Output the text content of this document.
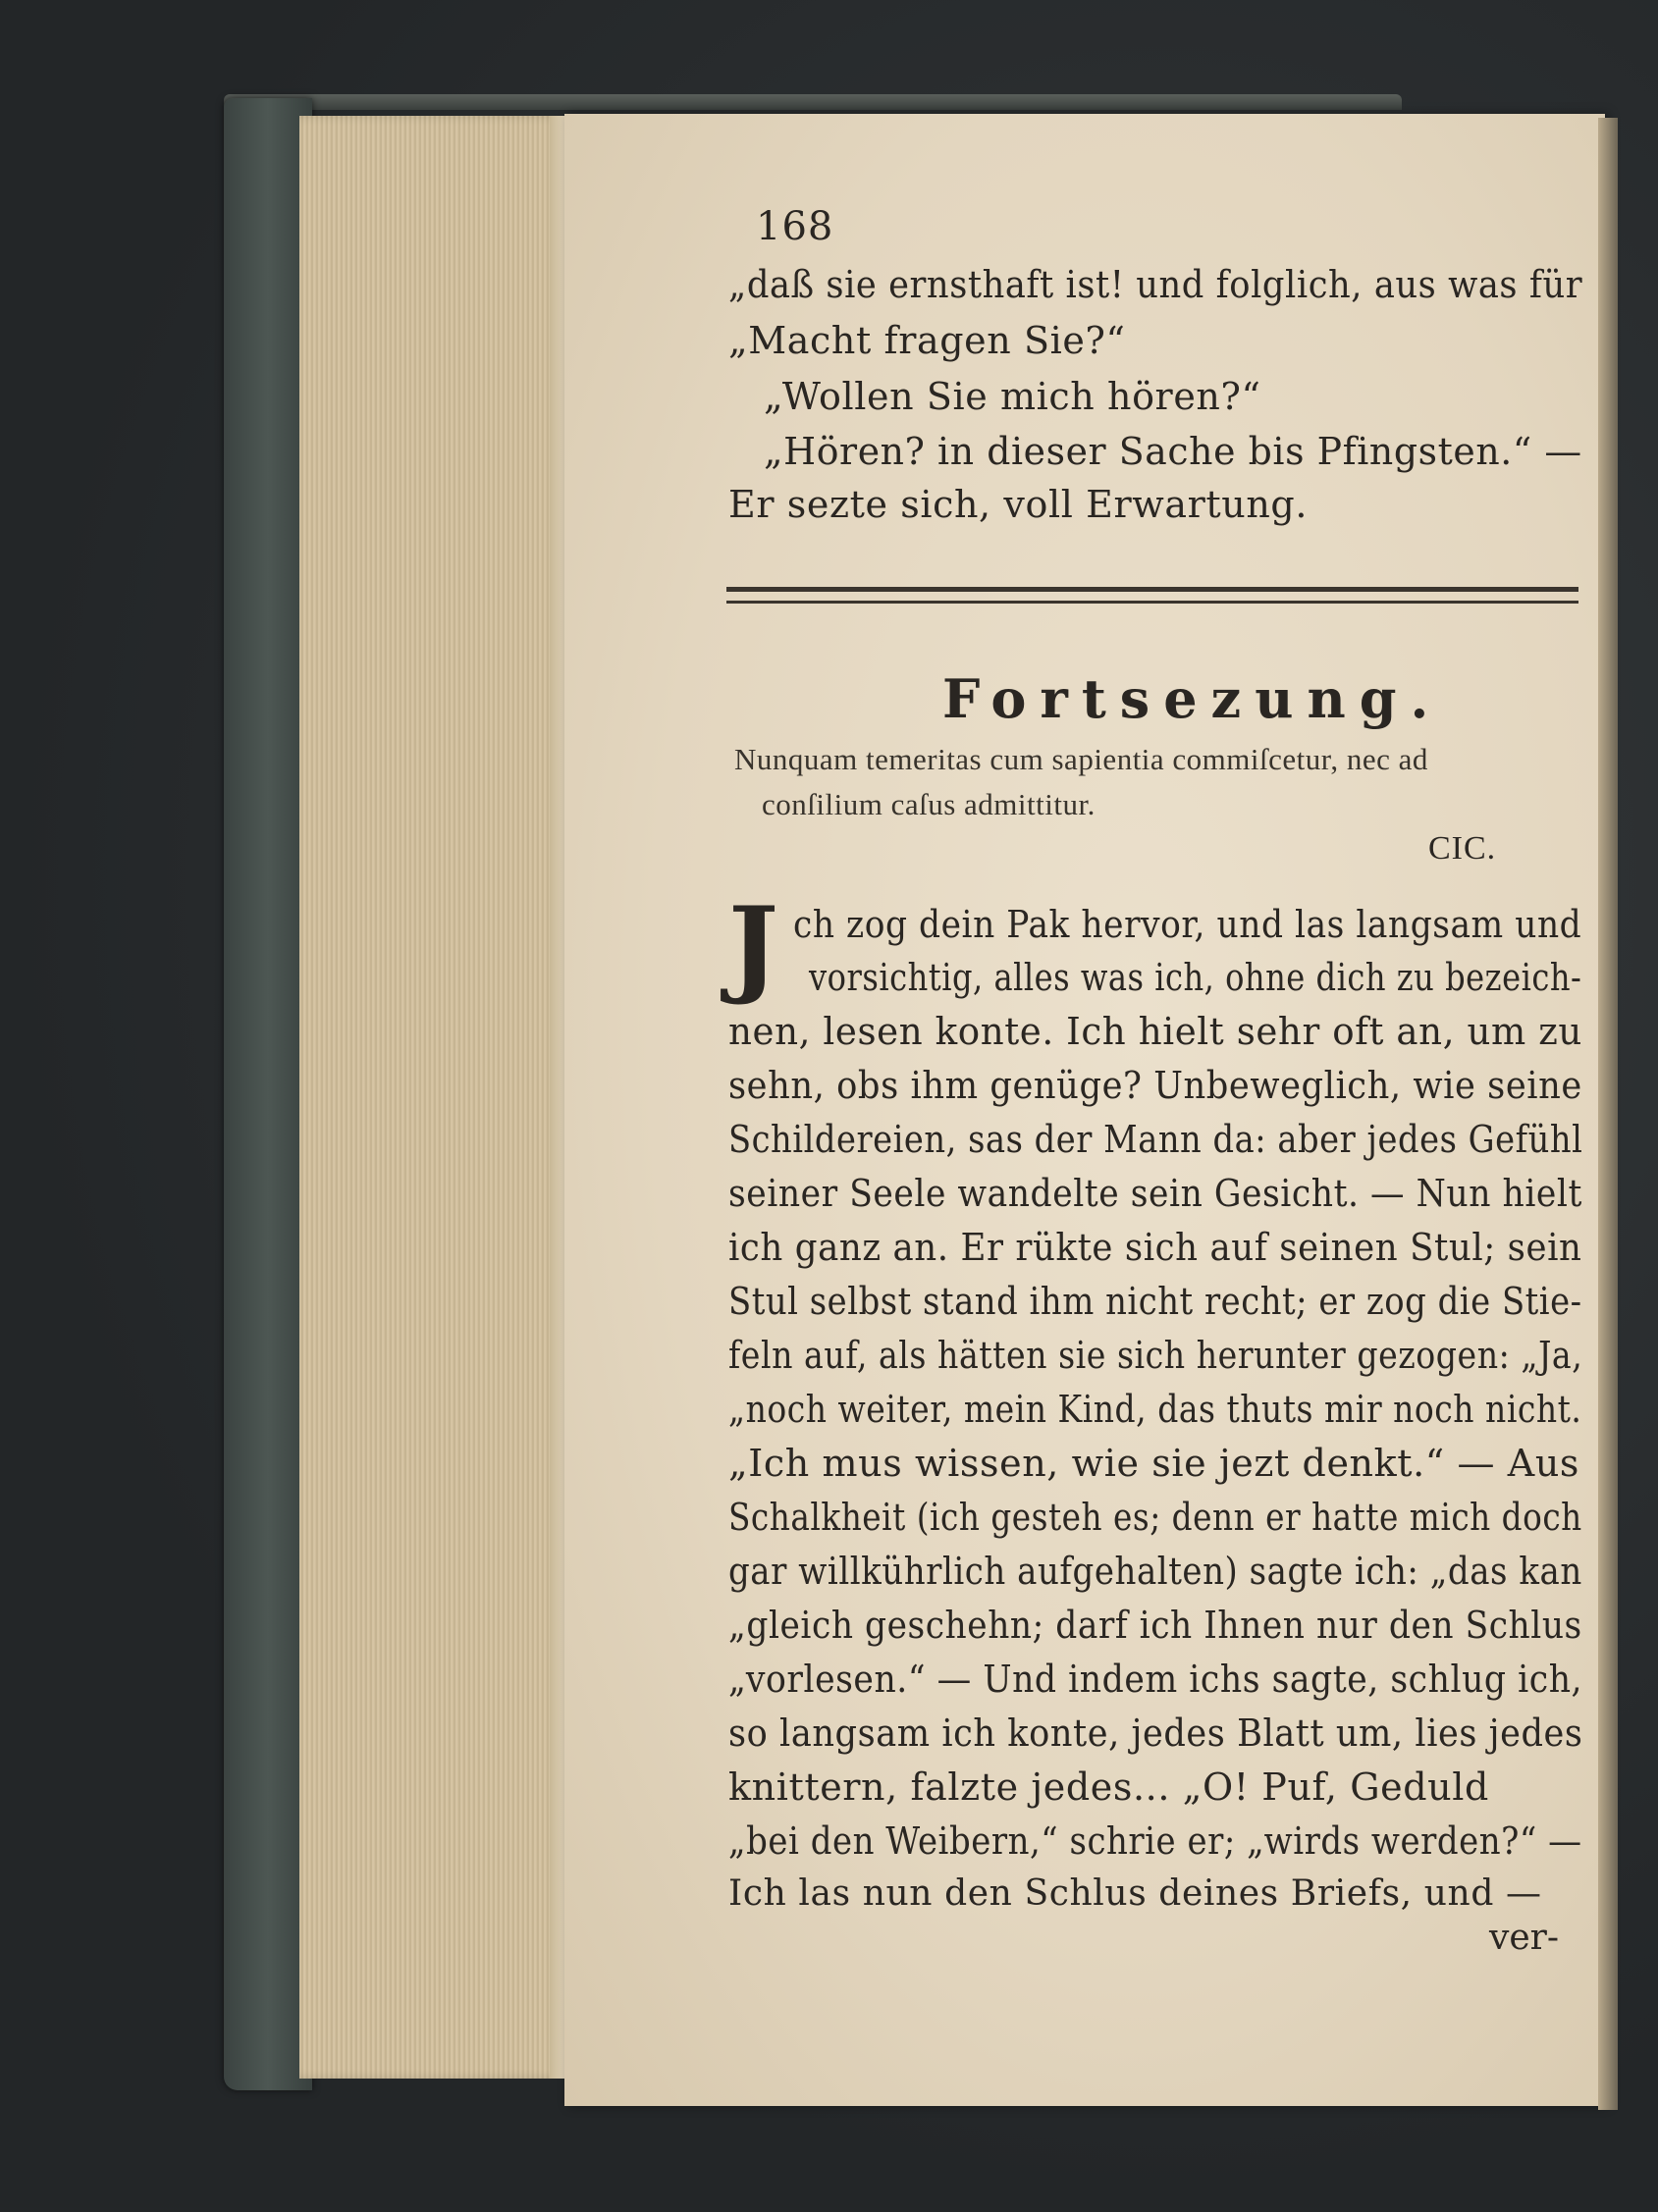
168
„daß sie ernsthaft ist! und folglich, aus was für
„Macht fragen Sie?“
„Wollen Sie mich hören?“
„Hören? in dieser Sache bis Pfingsten.“ —
Er sezte sich, voll Erwartung.
Fortsezung.
Nunquam temeritas cum sapientia commiſcetur, nec ad
conſilium caſus admittitur.
CIC.
J ch zog dein Pak hervor, und las langsam und
vorsichtig, alles was ich, ohne dich zu bezeich-
nen, lesen konte. Ich hielt sehr oft an, um zu
sehn, obs ihm genüge? Unbeweglich, wie seine
Schildereien, sas der Mann da: aber jedes Gefühl
seiner Seele wandelte sein Gesicht. — Nun hielt
ich ganz an. Er rükte sich auf seinen Stul; sein
Stul selbst stand ihm nicht recht; er zog die Stie-
feln auf, als hätten sie sich herunter gezogen: „Ja,
„noch weiter, mein Kind, das thuts mir noch nicht.
„Ich mus wissen, wie sie jezt denkt.“ — Aus
Schalkheit (ich gesteh es; denn er hatte mich doch
gar willkührlich aufgehalten) sagte ich: „das kan
„gleich geschehn; darf ich Ihnen nur den Schlus
„vorlesen.“ — Und indem ichs sagte, schlug ich,
so langsam ich konte, jedes Blatt um, lies jedes
knittern, falzte jedes... „O! Puf, Geduld
„bei den Weibern,“ schrie er; „wirds werden?“ —
Ich las nun den Schlus deines Briefs, und —
ver-
